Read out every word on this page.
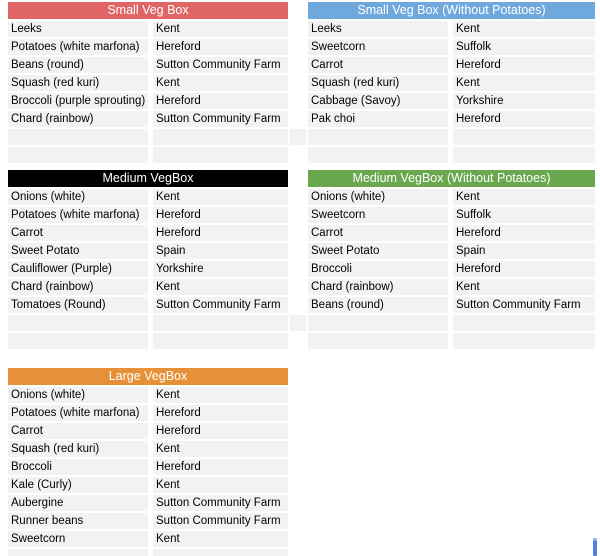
Small Veg Box
Leeks	Kent
Potatoes (white marfona)	Hereford
Beans (round)	Sutton Community Farm
Squash (red kuri)	Kent
Broccoli (purple sprouting) Hereford
Chard (rainbow)	Sutton Community Farm
Small Veg Box (Without Potatoes)
Leeks	Kent
Sweetcorn	Suffolk
Carrot	Hereford
Squash (red kuri)	Kent
Cabbage (Savoy)	Yorkshire
Pak choi	Hereford
Medium VegBox
Onions (white)	Kent
Potatoes (white marfona)	Hereford
Carrot	Hereford
Sweet Potato	Spain
Cauliflower (Purple)	Yorkshire
Chard (rainbow)	Kent
Tomatoes (Round)	Sutton Community Farm
Medium VegBox (Without Potatoes)
Onions (white)	Kent
Sweetcorn	Suffolk
Carrot	Hereford
Sweet Potato	Spain
Broccoli	Hereford
Chard (rainbow)	Kent
Beans (round)	Sutton Community Farm
Large VegBox
Onions (white)	Kent
Potatoes (white marfona)	Hereford
Carrot	Hereford
Squash (red kuri)	Kent
Broccoli	Hereford
Kale (Curly)	Kent
Aubergine	Sutton Community Farm
Runner beans	Sutton Community Farm
Sweetcorn	Kent
